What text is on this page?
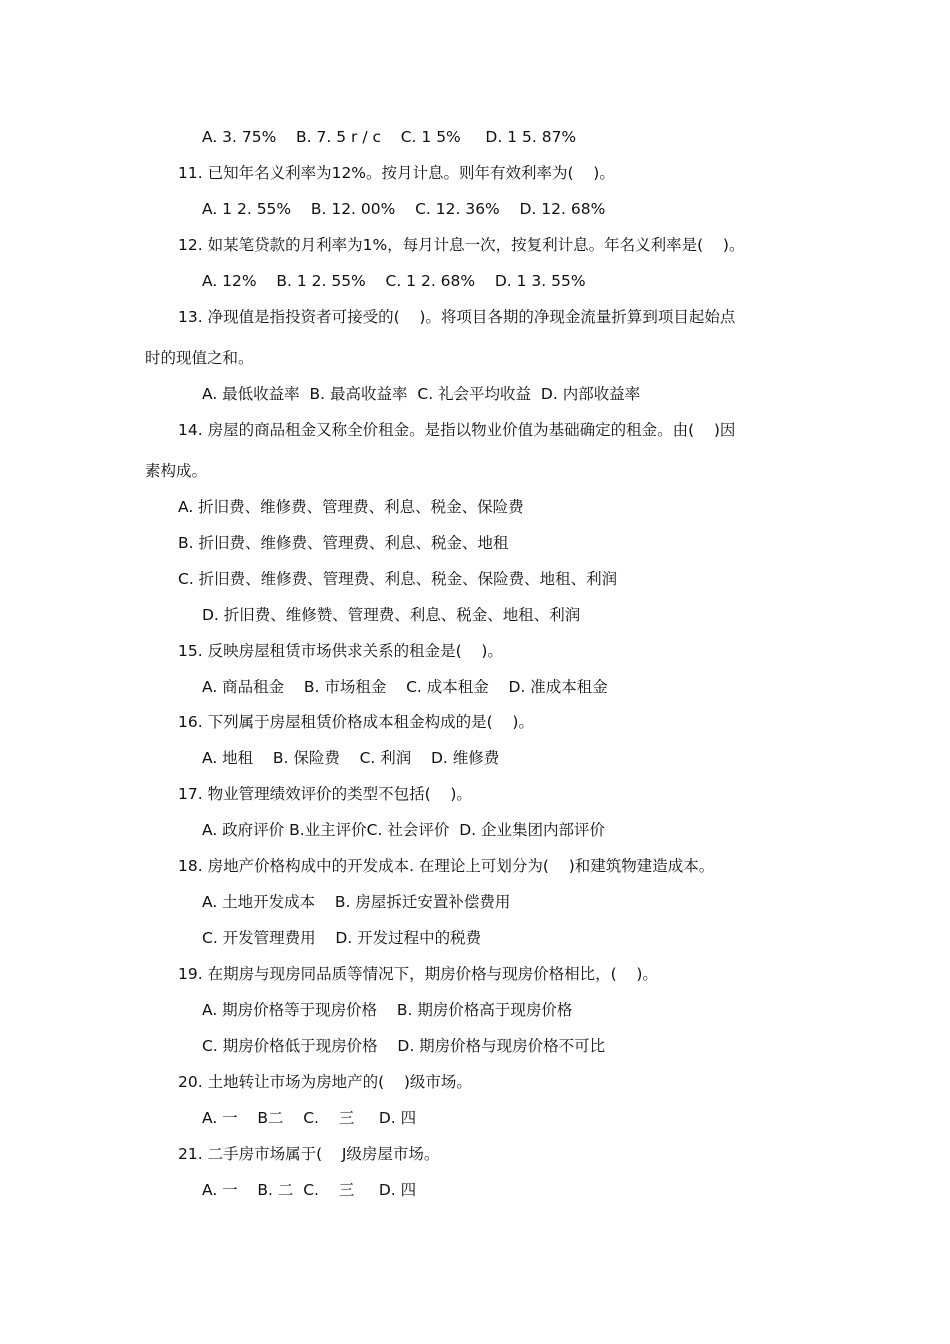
A. 3. 75%    B. 7. 5 r / c    C. 1 5%     D. 1 5. 87%
11. 已知年名义利率为12%。按月计息。则年有效利率为(    )。
A. 1 2. 55%    B. 12. 00%    C. 12. 36%    D. 12. 68%
12. 如某笔贷款的月利率为1%，每月计息一次，按复利计息。年名义利率是(    )。
A. 12%    B. 1 2. 55%    C. 1 2. 68%    D. 1 3. 55%
13. 净现值是指投资者可接受的(    )。将项目各期的净现金流量折算到项目起始点
时的现值之和。
A. 最低收益率  B. 最高收益率  C. 礼会平均收益  D. 内部收益率
14. 房屋的商品租金又称全价租金。是指以物业价值为基础确定的租金。由(    )因
素构成。
A. 折旧费、维修费、管理费、利息、税金、保险费
B. 折旧费、维修费、管理费、利息、税金、地租
C. 折旧费、维修费、管理费、利息、税金、保险费、地租、利润
D. 折旧费、维修赞、管理费、利息、税金、地租、利润
15. 反映房屋租赁市场供求关系的租金是(    )。
A. 商品租金    B. 市场租金    C. 成本租金    D. 准成本租金
16. 下列属于房屋租赁价格成本租金构成的是(    )。
A. 地租    B. 保险费    C. 利润    D. 维修费
17. 物业管理绩效评价的类型不包括(    )。
A. 政府评价 B.业主评价C. 社会评价  D. 企业集团内部评价
18. 房地产价格构成中的开发成本. 在理论上可划分为(    )和建筑物建造成本。
A. 土地开发成本    B. 房屋拆迁安置补偿费用
C. 开发管理费用    D. 开发过程中的税费
19. 在期房与现房同品质等情况下，期房价格与现房价格相比，(    )。
A. 期房价格等于现房价格    B. 期房价格高于现房价格
C. 期房价格低于现房价格    D. 期房价格与现房价格不可比
20. 土地转让市场为房地产的(    )级市场。
A. 一    B二    C.    三     D. 四
21. 二手房市场属于(    J级房屋市场。
A. 一    B. 二  C.    三     D. 四
